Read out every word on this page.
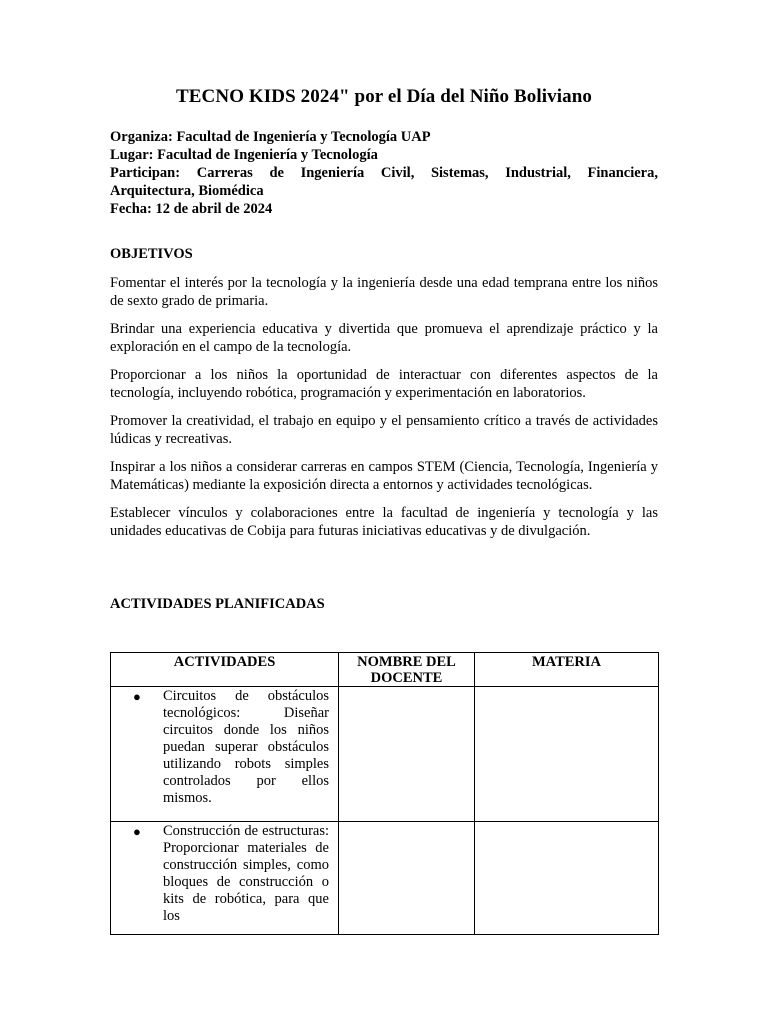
TECNO KIDS 2024" por el Día del Niño Boliviano
Organiza: Facultad de Ingeniería y Tecnología UAP
Lugar: Facultad de Ingeniería y Tecnología
Participan: Carreras de Ingeniería Civil, Sistemas, Industrial, Financiera,
Arquitectura, Biomédica
Fecha: 12 de abril de 2024
OBJETIVOS

Fomentar el interés por la tecnología y la ingeniería desde una edad temprana entre los niños de sexto grado de primaria.

Brindar una experiencia educativa y divertida que promueva el aprendizaje práctico y la exploración en el campo de la tecnología.

Proporcionar a los niños la oportunidad de interactuar con diferentes aspectos de la tecnología, incluyendo robótica, programación y experimentación en laboratorios.

Promover la creatividad, el trabajo en equipo y el pensamiento crítico a través de actividades lúdicas y recreativas.

Inspirar a los niños a considerar carreras en campos STEM (Ciencia, Tecnología, Ingeniería y Matemáticas) mediante la exposición directa a entornos y actividades tecnológicas.

Establecer vínculos y colaboraciones entre la facultad de ingeniería y tecnología y las unidades educativas de Cobija para futuras iniciativas educativas y de divulgación.

ACTIVIDADES PLANIFICADAS
ACTIVIDADES	NOMBRE DEL DOCENTE	MATERIA

● Circuitos de obstáculos tecnológicos: Diseñar circuitos donde los niños puedan superar obstáculos utilizando robots simples controlados por ellos mismos.		

● Construcción de estructuras: Proporcionar materiales de construcción simples, como bloques de construcción o kits de robótica, para que los		
